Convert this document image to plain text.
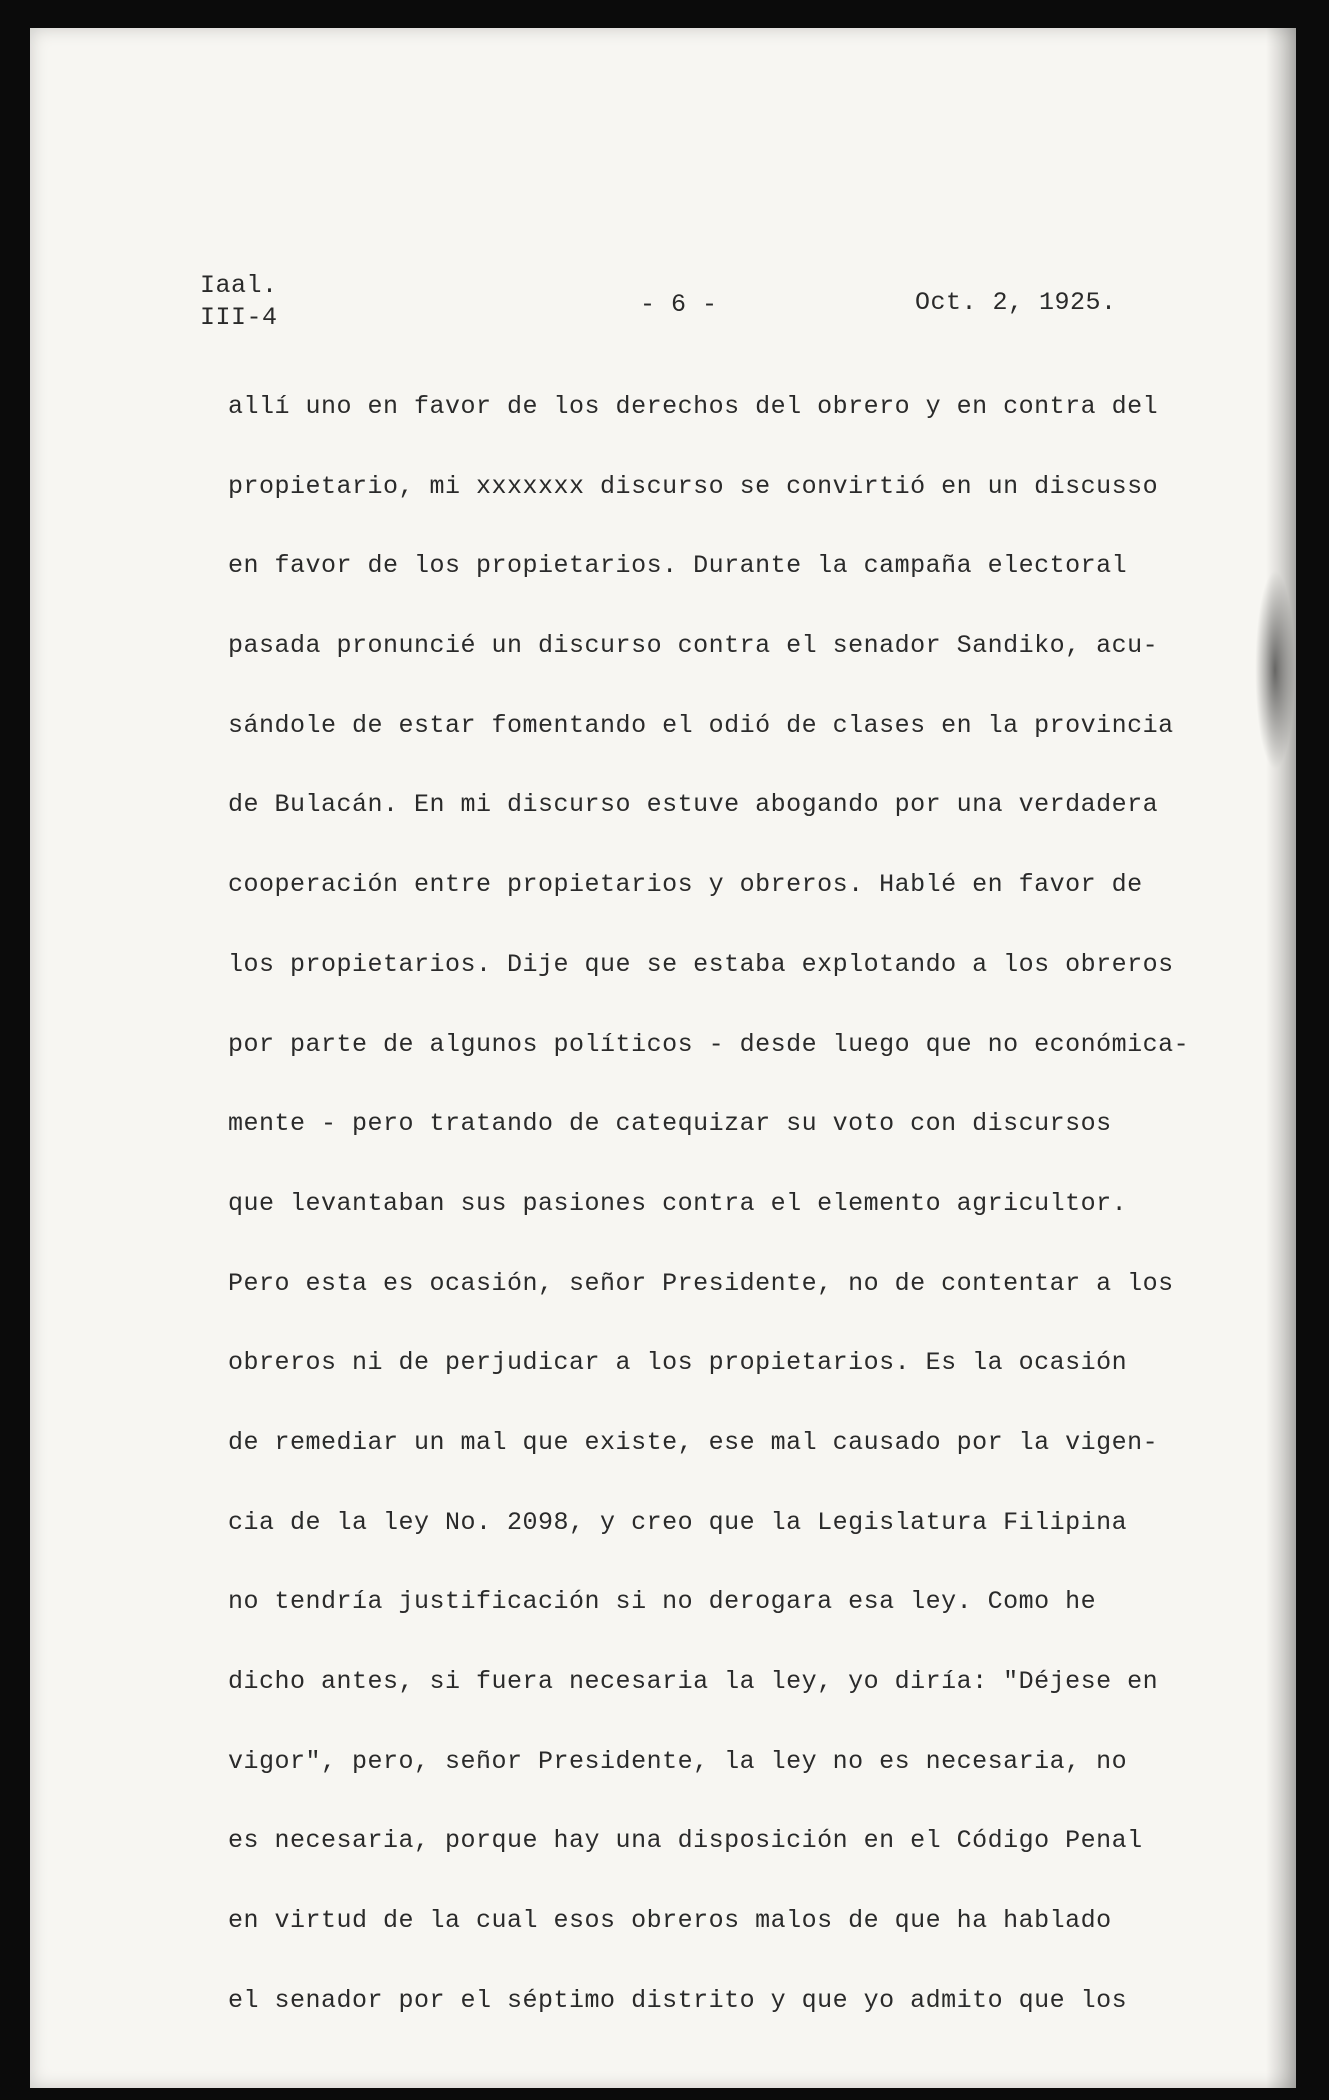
Iaal.
III-4	- 6 -	Oct. 2, 1925.
allí uno en favor de los derechos del obrero y en contra del
propietario, mi xxxxxxx discurso se convirtió en un discusso
en favor de los propietarios. Durante la campaña electoral
pasada pronuncié un discurso contra el senador Sandiko, acu-
sándole de estar fomentando el odió de clases en la provincia
de Bulacán. En mi discurso estuve abogando por una verdadera
cooperación entre propietarios y obreros. Hablé en favor de
los propietarios. Dije que se estaba explotando a los obreros
por parte de algunos políticos - desde luego que no económica-
mente - pero tratando de catequizar su voto con discursos
que levantaban sus pasiones contra el elemento agricultor.
Pero esta es ocasión, señor Presidente, no de contentar a los
obreros ni de perjudicar a los propietarios. Es la ocasión
de remediar un mal que existe, ese mal causado por la vigen-
cia de la ley No. 2098, y creo que la Legislatura Filipina
no tendría justificación si no derogara esa ley. Como he
dicho antes, si fuera necesaria la ley, yo diría: "Déjese en
vigor", pero, señor Presidente, la ley no es necesaria, no
es necesaria, porque hay una disposición en el Código Penal
en virtud de la cual esos obreros malos de que ha hablado
el senador por el séptimo distrito y que yo admito que los
